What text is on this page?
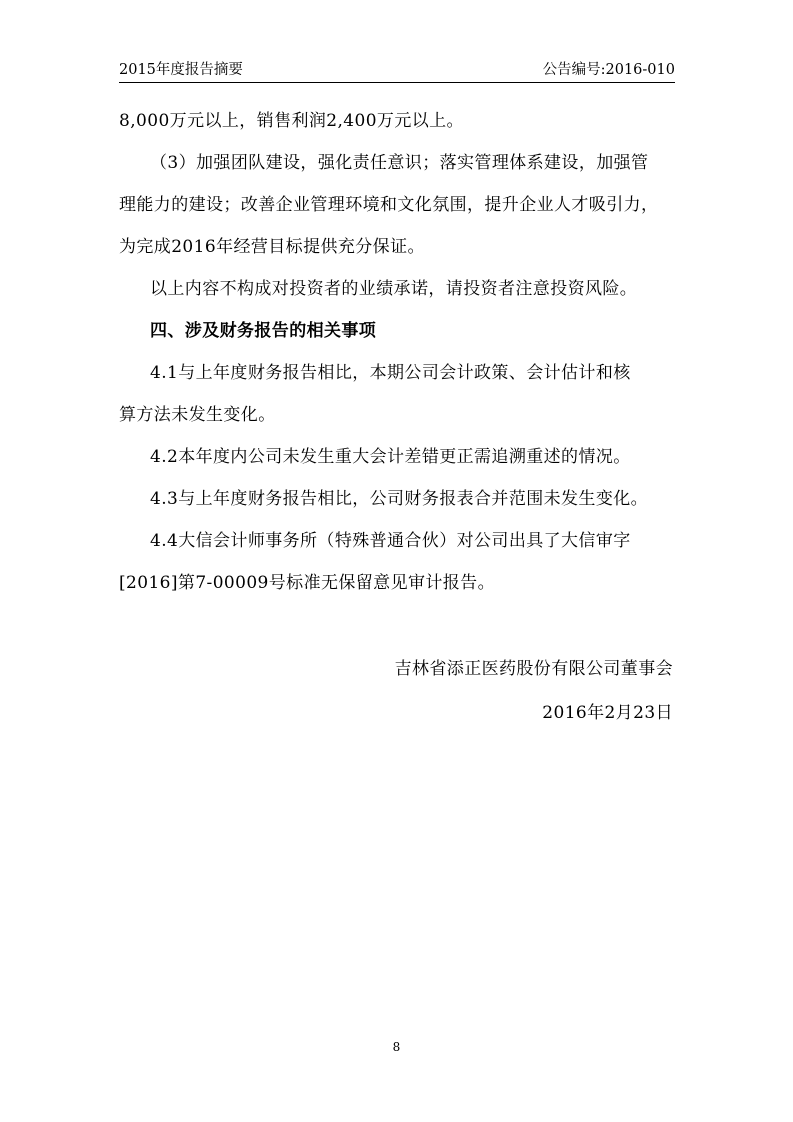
2015年度报告摘要	公告编号:2016-010
8,000万元以上，销售利润2,400万元以上。
（3）加强团队建设，强化责任意识；落实管理体系建设，加强管
理能力的建设；改善企业管理环境和文化氛围，提升企业人才吸引力，
为完成2016年经营目标提供充分保证。
以上内容不构成对投资者的业绩承诺，请投资者注意投资风险。
四、涉及财务报告的相关事项
4.1与上年度财务报告相比，本期公司会计政策、会计估计和核
算方法未发生变化。
4.2本年度内公司未发生重大会计差错更正需追溯重述的情况。
4.3与上年度财务报告相比，公司财务报表合并范围未发生变化。
4.4大信会计师事务所（特殊普通合伙）对公司出具了大信审字
[2016]第7-00009号标准无保留意见审计报告。
吉林省添正医药股份有限公司董事会
2016年2月23日
8
